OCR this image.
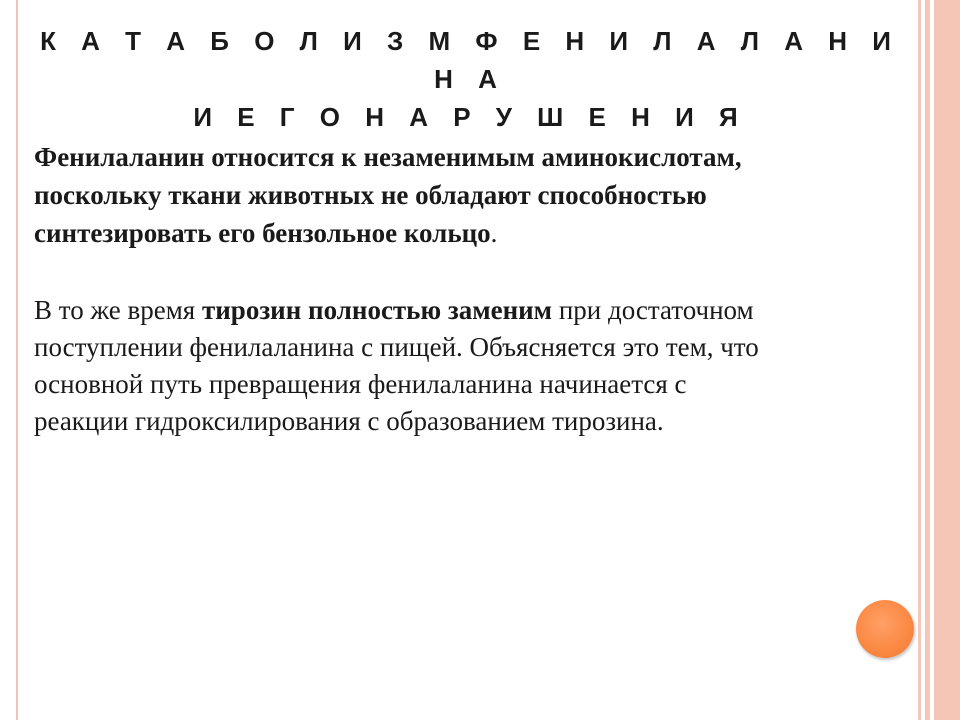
К А Т А Б О Л И З М Ф Е Н И Л А Л А Н И Н А
И Е Г О Н А Р У Ш Е Н И Я
Фенилаланин относится к незаменимым аминокислотам,
поскольку ткани животных не обладают способностью
синтезировать его бензольное кольцо.
В то же время тирозин полностью заменим при достаточном
поступлении фенилаланина с пищей. Объясняется это тем, что
основной путь превращения фенилаланина начинается с
реакции гидроксилирования с образованием тирозина.
